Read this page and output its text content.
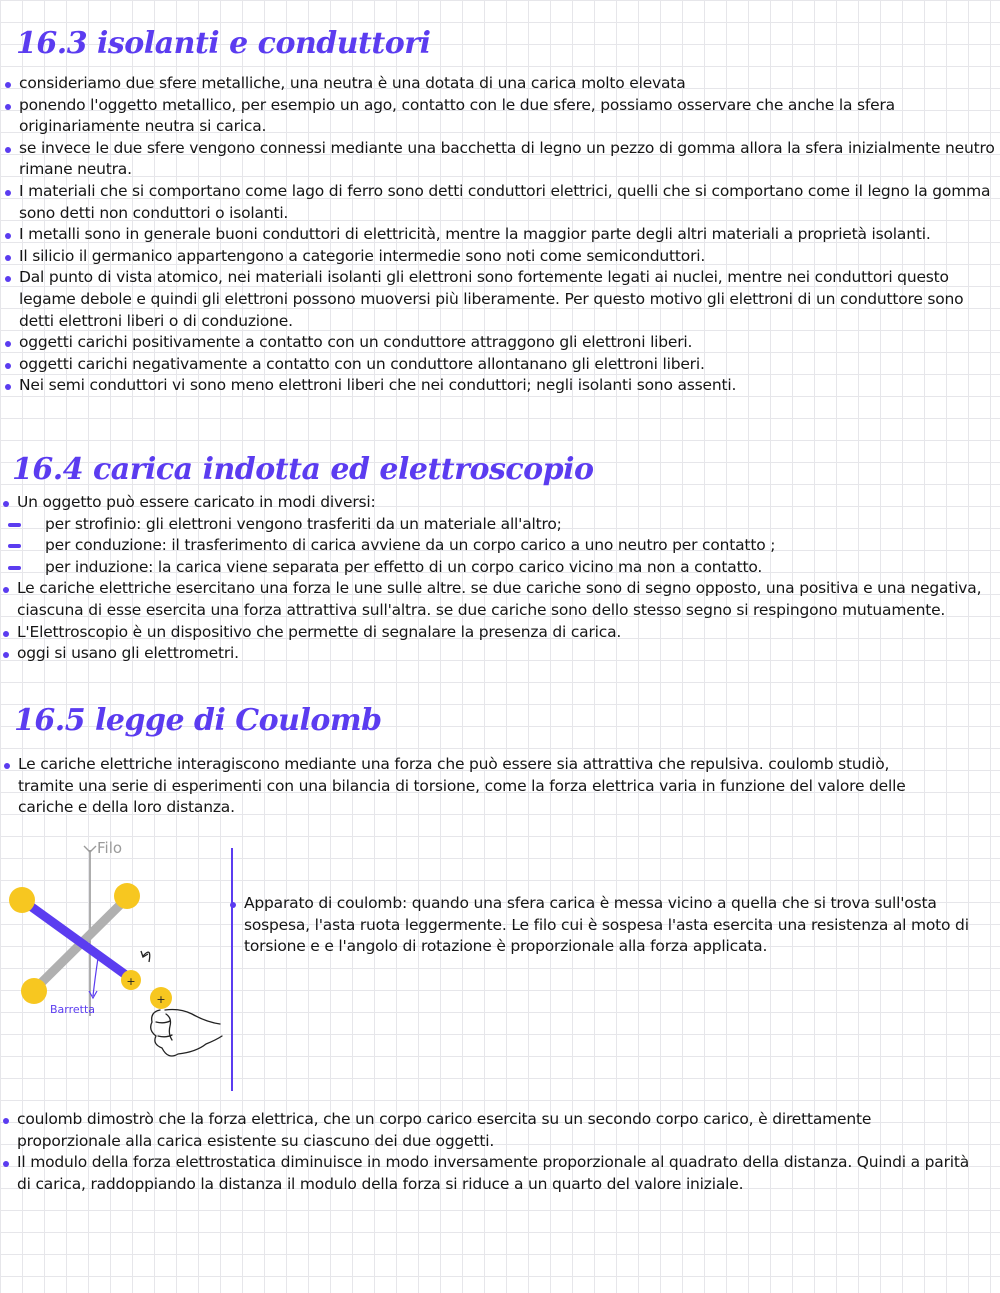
16.3 isolanti e conduttori
consideriamo due sfere metalliche, una neutra è una dotata di una carica molto elevata
ponendo l'oggetto metallico, per esempio un ago, contatto con le due sfere, possiamo osservare che anche la sfera originariamente neutra si carica.
se invece le due sfere vengono connessi mediante una bacchetta di legno un pezzo di gomma allora la sfera inizialmente neutro rimane neutra.
I materiali che si comportano come lago di ferro sono detti conduttori elettrici, quelli che si comportano come il legno la gomma sono detti non conduttori o isolanti.
I metalli sono in generale buoni conduttori di elettricità, mentre la maggior parte degli altri materiali a proprietà isolanti.
Il silicio il germanico appartengono a categorie intermedie sono noti come semiconduttori.
Dal punto di vista atomico, nei materiali isolanti gli elettroni sono fortemente legati ai nuclei, mentre nei conduttori questo legame debole e quindi gli elettroni possono muoversi più liberamente. Per questo motivo gli elettroni di un conduttore sono detti elettroni liberi o di conduzione.
oggetti carichi positivamente a contatto con un conduttore attraggono gli elettroni liberi.
oggetti carichi negativamente a contatto con un conduttore allontanano gli elettroni liberi.
Nei semi conduttori vi sono meno elettroni liberi che nei conduttori; negli isolanti sono assenti.
16.4 carica indotta ed elettroscopio
Un oggetto può essere caricato in modi diversi:
per strofinio: gli elettroni vengono trasferiti da un materiale all'altro;
per conduzione: il trasferimento di carica avviene da un corpo carico a uno neutro per contatto ;
per induzione: la carica viene separata per effetto di un corpo carico vicino ma non a contatto.
Le cariche elettriche esercitano una forza le une sulle altre. se due cariche sono di segno opposto, una positiva e una negativa, ciascuna di esse esercita una forza attrattiva sull'altra. se due cariche sono dello stesso segno si respingono mutuamente.
L'Elettroscopio è un dispositivo che permette di segnalare la presenza di carica.
oggi si usano gli elettrometri.
16.5 legge di Coulomb
Le cariche elettriche interagiscono mediante una forza che può essere sia attrattiva che repulsiva. coulomb studiò, tramite una serie di esperimenti con una bilancia di torsione, come la forza elettrica varia in funzione del valore delle cariche e della loro distanza.
+
+
Filo
Barretta
Apparato di coulomb: quando una sfera carica è messa vicino a quella che si trova sull'osta sospesa, l'asta ruota leggermente. Le filo cui è sospesa l'asta esercita una resistenza al moto di torsione e e l'angolo di rotazione è proporzionale alla forza applicata.
coulomb dimostrò che la forza elettrica, che un corpo carico esercita su un secondo corpo carico, è direttamente proporzionale alla carica esistente su ciascuno dei due oggetti.
Il modulo della forza elettrostatica diminuisce in modo inversamente proporzionale al quadrato della distanza. Quindi a parità di carica, raddoppiando la distanza il modulo della forza si riduce a un quarto del valore iniziale.
